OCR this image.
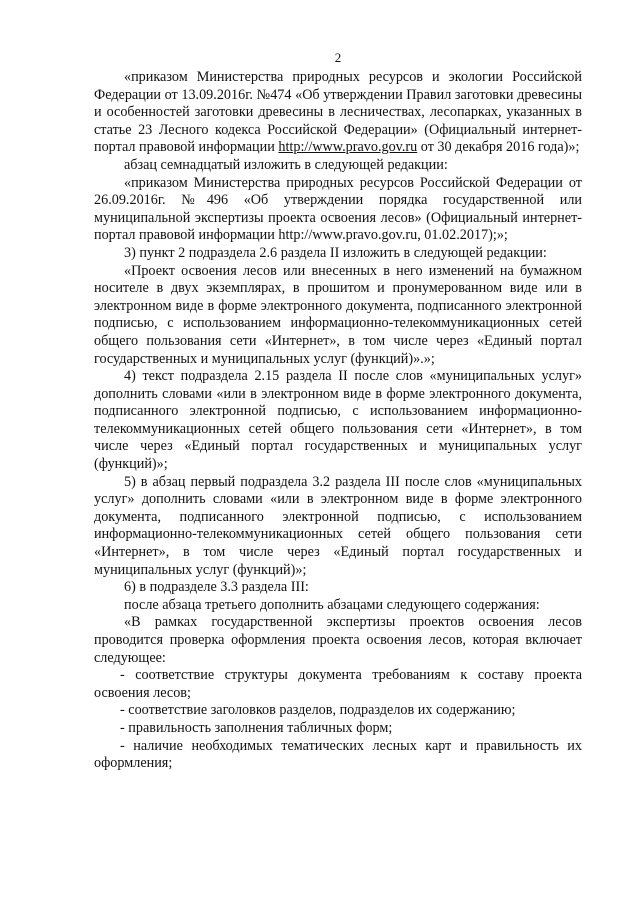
2

«приказом Министерства природных ресурсов и экологии Российской Федерации от 13.09.2016г. №474 «Об утверждении Правил заготовки древесины и особенностей заготовки древесины в лесничествах, лесопарках, указанных в статье 23 Лесного кодекса Российской Федерации» (Официальный интернет-портал правовой информации http://www.pravo.gov.ru от 30 декабря 2016 года)»;

абзац семнадцатый изложить в следующей редакции:

«приказом Министерства природных ресурсов Российской Федерации от 26.09.2016г. №496 «Об утверждении порядка государственной или муниципальной экспертизы проекта освоения лесов» (Официальный интернет-портал правовой информации http://www.pravo.gov.ru, 01.02.2017);»;

3) пункт 2 подраздела 2.6 раздела II изложить в следующей редакции:

«Проект освоения лесов или внесенных в него изменений на бумажном носителе в двух экземплярах, в прошитом и пронумерованном виде или в электронном виде в форме электронного документа, подписанного электронной подписью, с использованием информационно-телекоммуникационных сетей общего пользования сети «Интернет», в том числе через «Единый портал государственных и муниципальных услуг (функций)».»;

4) текст подраздела 2.15 раздела II после слов «муниципальных услуг» дополнить словами «или в электронном виде в форме электронного документа, подписанного электронной подписью, с использованием информационно-телекоммуникационных сетей общего пользования сети «Интернет», в том числе через «Единый портал государственных и муниципальных услуг (функций)»;

5) в абзац первый подраздела 3.2 раздела III после слов «муниципальных услуг» дополнить словами «или в электронном виде в форме электронного документа, подписанного электронной подписью, с использованием информационно-телекоммуникационных сетей общего пользования сети «Интернет», в том числе через «Единый портал государственных и муниципальных услуг (функций)»;

6) в подразделе 3.3 раздела III:

после абзаца третьего дополнить абзацами следующего содержания:

«В рамках государственной экспертизы проектов освоения лесов проводится проверка оформления проекта освоения лесов, которая включает следующее:

- соответствие структуры документа требованиям к составу проекта освоения лесов;

- соответствие заголовков разделов, подразделов их содержанию;

- правильность заполнения табличных форм;

- наличие необходимых тематических лесных карт и правильность их оформления;
